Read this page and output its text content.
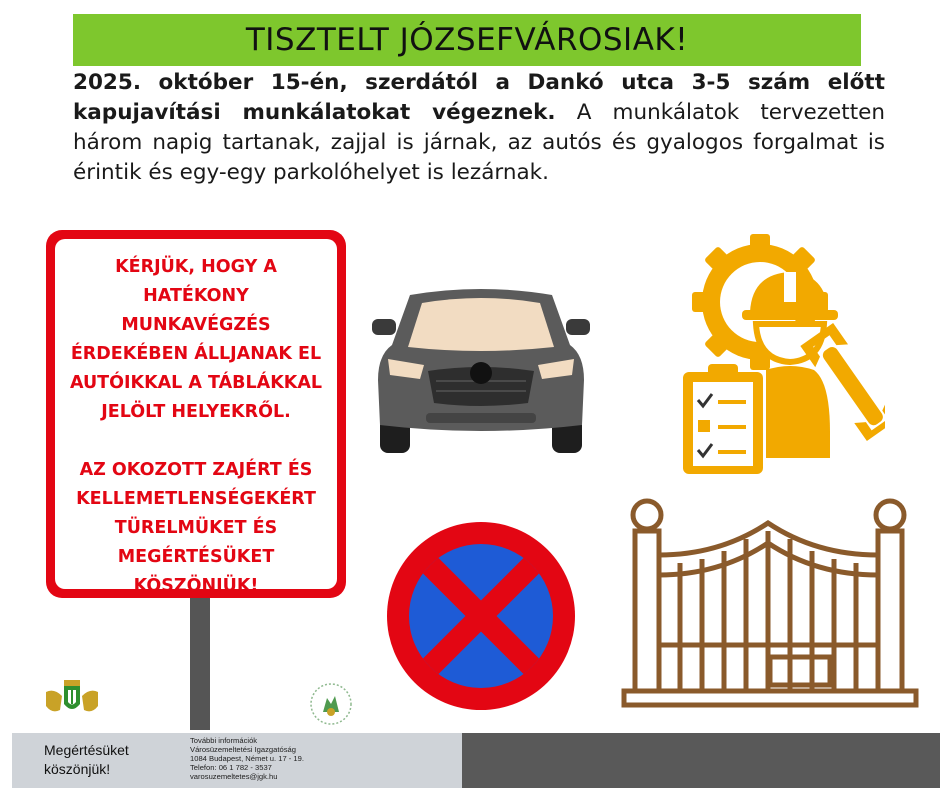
TISZTELT JÓZSEFVÁROSIAK!

2025. október 15-én, szerdától a Dankó utca 3-5 szám előtt kapujavítási munkálatokat végeznek. A munkálatok tervezetten három napig tartanak, zajjal is járnak, az autós és gyalogos forgalmat is érintik és egy-egy parkolóhelyet is lezárnak.

KÉRJÜK, HOGY A

HATÉKONY

MUNKAVÉGZÉS

ÉRDEKÉBEN ÁLLJANAK EL

AUTÓIKKAL A TÁBLÁKKAL

JELÖLT HELYEKRŐL.

AZ OKOZOTT ZAJÉRT ÉS

KELLEMETLENSÉGEKÉRT

TÜRELMÜKET ÉS

MEGÉRTÉSÜKET

KÖSZÖNJÜK!

Megértésüket
köszönjük!
További információk
Városüzemeltetési Igazgatóság
1084 Budapest, Német u. 17 - 19.
Telefon: 06 1 782 - 3537
varosuzemeltetes@jgk.hu
